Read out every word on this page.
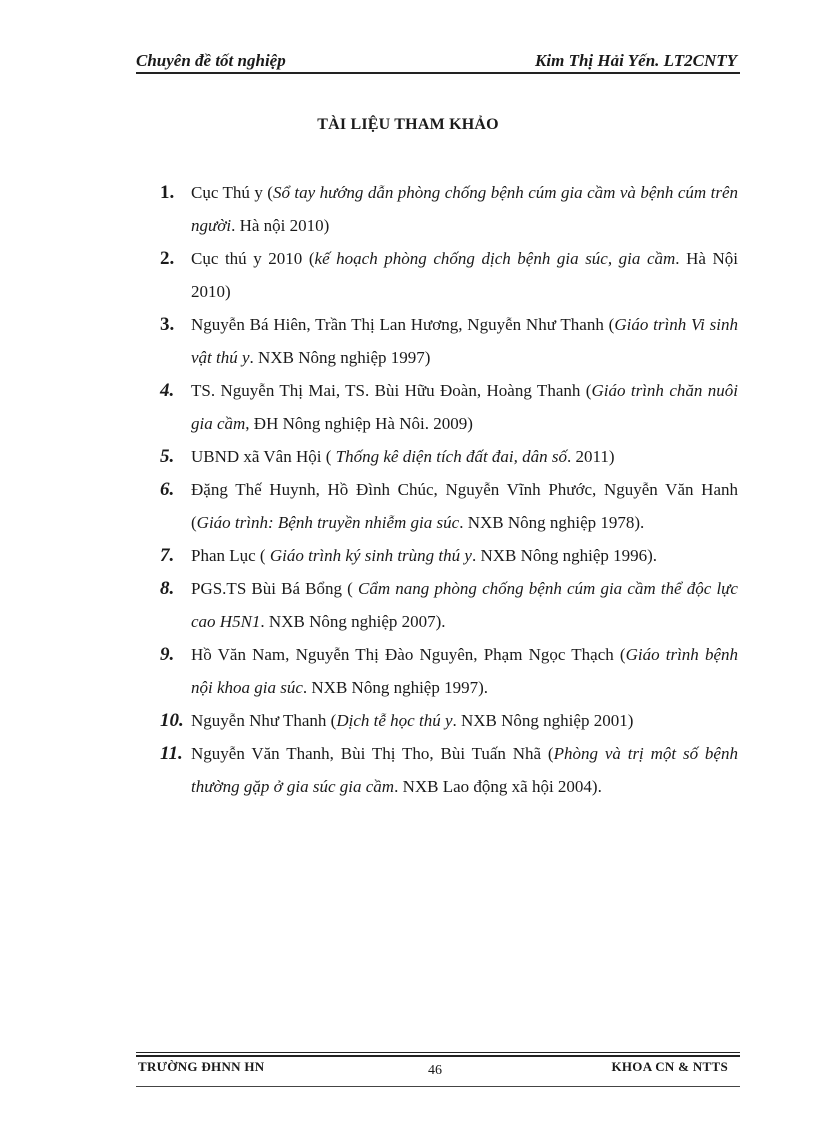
Chuyên đề tốt nghiệp	Kim Thị Hải Yến. LT2CNTY
TÀI LIỆU THAM KHẢO
1. Cục Thú y (Sổ tay hướng dẫn phòng chống bệnh cúm gia cầm và bệnh cúm trên người. Hà nội 2010)
2. Cục thú y 2010 (kế hoạch phòng chống dịch bệnh gia súc, gia cầm. Hà Nội 2010)
3. Nguyễn Bá Hiên, Trần Thị Lan Hương, Nguyễn Như Thanh (Giáo trình Vi sinh vật thú y. NXB Nông nghiệp 1997)
4. TS. Nguyễn Thị Mai, TS. Bùi Hữu Đoàn, Hoàng Thanh (Giáo trình chăn nuôi gia cầm, ĐH Nông nghiệp Hà Nôi. 2009)
5. UBND xã Vân Hội ( Thống kê diện tích đất đai, dân số. 2011)
6. Đặng Thế Huynh, Hồ Đình Chúc, Nguyễn Vĩnh Phước, Nguyễn Văn Hanh (Giáo trình: Bệnh truyền nhiễm gia súc. NXB Nông nghiệp 1978).
7. Phan Lục ( Giáo trình ký sinh trùng thú y. NXB Nông nghiệp 1996).
8. PGS.TS Bùi Bá Bổng ( Cẩm nang phòng chống bệnh cúm gia cầm thể độc lực cao H5N1. NXB Nông nghiệp 2007).
9. Hồ Văn Nam, Nguyễn Thị Đào Nguyên, Phạm Ngọc Thạch (Giáo trình bệnh nội khoa gia súc. NXB Nông nghiệp 1997).
10. Nguyễn Như Thanh (Dịch tễ học thú y. NXB Nông nghiệp 2001)
11. Nguyễn Văn Thanh, Bùi Thị Tho, Bùi Tuấn Nhã (Phòng và trị một số bệnh thường gặp ở gia súc gia cầm. NXB Lao động xã hội 2004).
TRƯỜNG ĐHNN HN	46	KHOA CN & NTTS
